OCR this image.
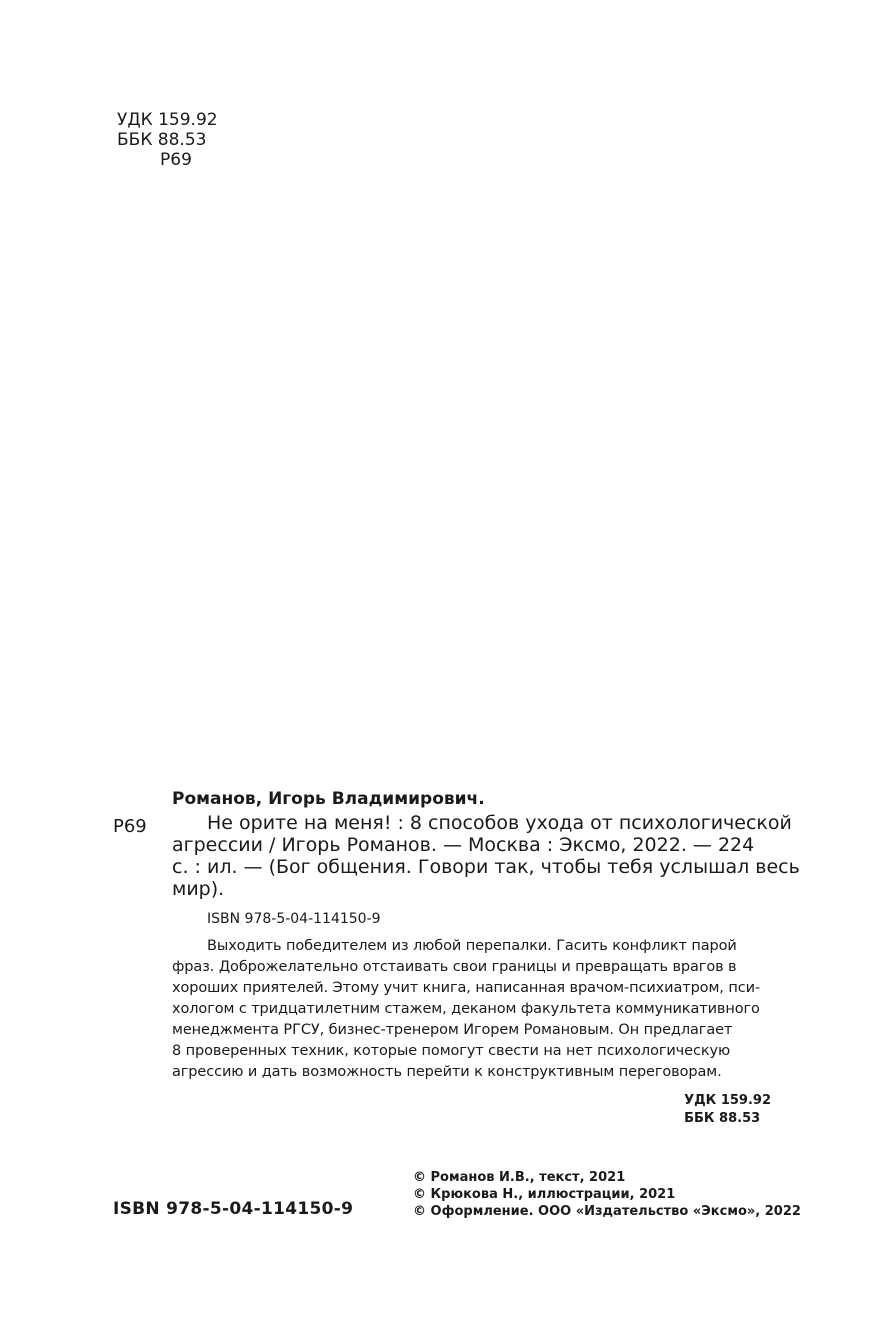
УДК 159.92
ББК 88.53
Р69
Романов, Игорь Владимирович.
Р69	Не орите на меня! : 8 способов ухода от психологической
агрессии / Игорь Романов. — Москва : Эксмо, 2022. — 224
с. : ил. — (Бог общения. Говори так, чтобы тебя услышал весь
мир).
ISBN 978-5-04-114150-9
Выходить победителем из любой перепалки. Гасить конфликт парой
фраз. Доброжелательно отстаивать свои границы и превращать врагов в
хороших приятелей. Этому учит книга, написанная врачом-психиатром, пси-
хологом с тридцатилетним стажем, деканом факультета коммуникативного
менеджмента РГСУ, бизнес-тренером Игорем Романовым. Он предлагает
8 проверенных техник, которые помогут свести на нет психологическую
агрессию и дать возможность перейти к конструктивным переговорам.
УДК 159.92
ББК 88.53
ISBN 978-5-04-114150-9
© Романов И.В., текст, 2021
© Крюкова Н., иллюстрации, 2021
© Оформление. ООО «Издательство «Эксмо», 2022
